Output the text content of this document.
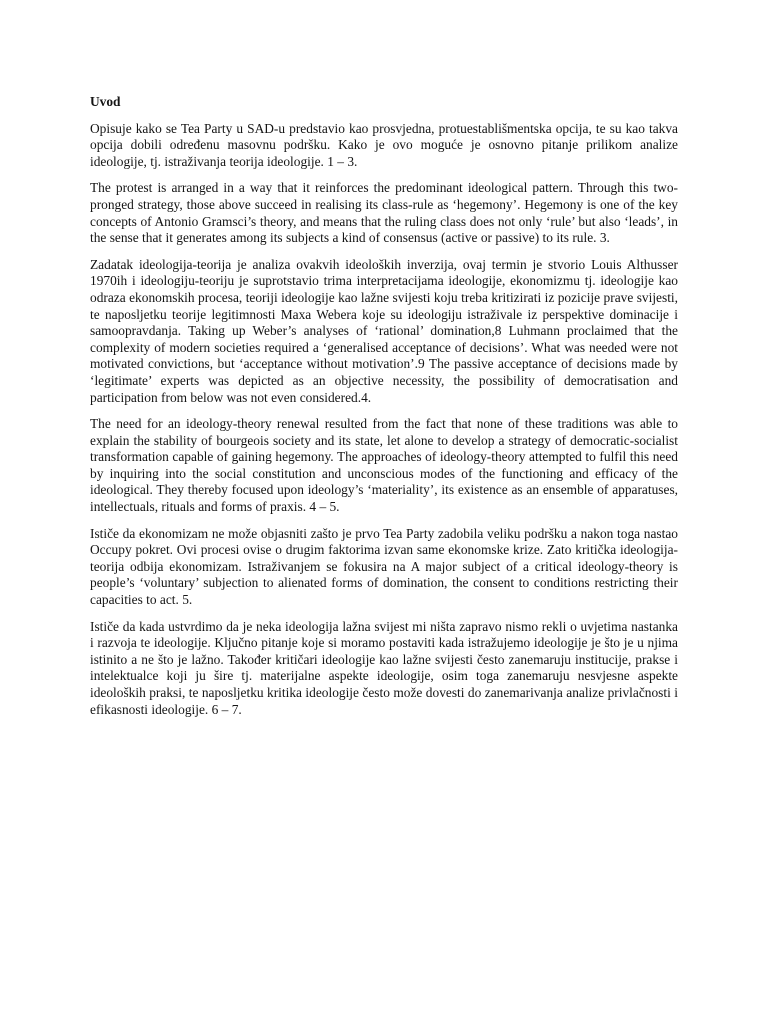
Uvod

Opisuje kako se Tea Party u SAD-u predstavio kao prosvjedna, protuestablišmentska opcija, te su kao takva opcija dobili određenu masovnu podršku. Kako je ovo moguće je osnovno pitanje prilikom analize ideologije, tj. istraživanja teorija ideologije. 1 – 3.

The protest is arranged in a way that it reinforces the predominant ideological pattern. Through this two-pronged strategy, those above succeed in realising its class-rule as ‘hegemony’. Hegemony is one of the key concepts of Antonio Gramsci’s theory, and means that the ruling class does not only ‘rule’ but also ‘leads’, in the sense that it generates among its subjects a kind of consensus (active or passive) to its rule. 3.

Zadatak ideologija-teorija je analiza ovakvih ideoloških inverzija, ovaj termin je stvorio Louis Althusser 1970ih i ideologiju-teoriju je suprotstavio trima interpretacijama ideologije, ekonomizmu tj. ideologije kao odraza ekonomskih procesa, teoriji ideologije kao lažne svijesti koju treba kritizirati iz pozicije prave svijesti, te naposljetku teorije legitimnosti Maxa Webera koje su ideologiju istraživale iz perspektive dominacije i samoopravdanja. Taking up Weber’s analyses of ‘rational’ domination,8 Luhmann proclaimed that the complexity of modern societies required a ‘generalised acceptance of decisions’. What was needed were not motivated convictions, but ‘acceptance without motivation’.9 The passive acceptance of decisions made by ‘legitimate’ experts was depicted as an objective necessity, the possibility of democratisation and participation from below was not even considered.4.

The need for an ideology-theory renewal resulted from the fact that none of these traditions was able to explain the stability of bourgeois society and its state, let alone to develop a strategy of democratic-socialist transformation capable of gaining hegemony. The approaches of ideology-theory attempted to fulfil this need by inquiring into the social constitution and unconscious modes of the functioning and efficacy of the ideological. They thereby focused upon ideology’s ‘materiality’, its existence as an ensemble of apparatuses, intellectuals, rituals and forms of praxis. 4 – 5.

Ističe da ekonomizam ne može objasniti zašto je prvo Tea Party zadobila veliku podršku a nakon toga nastao Occupy pokret. Ovi procesi ovise o drugim faktorima izvan same ekonomske krize. Zato kritička ideologija-teorija odbija ekonomizam. Istraživanjem se fokusira na A major subject of a critical ideology-theory is people’s ‘voluntary’ subjection to alienated forms of domination, the consent to conditions restricting their capacities to act. 5.

Ističe da kada ustvrdimo da je neka ideologija lažna svijest mi ništa zapravo nismo rekli o uvjetima nastanka i razvoja te ideologije. Ključno pitanje koje si moramo postaviti kada istražujemo ideologije je što je u njima istinito a ne što je lažno. Također kritičari ideologije kao lažne svijesti često zanemaruju institucije, prakse i intelektualce koji ju šire tj. materijalne aspekte ideologije, osim toga zanemaruju nesvjesne aspekte ideoloških praksi, te naposljetku kritika ideologije često može dovesti do zanemarivanja analize privlačnosti i efikasnosti ideologije. 6 – 7.
